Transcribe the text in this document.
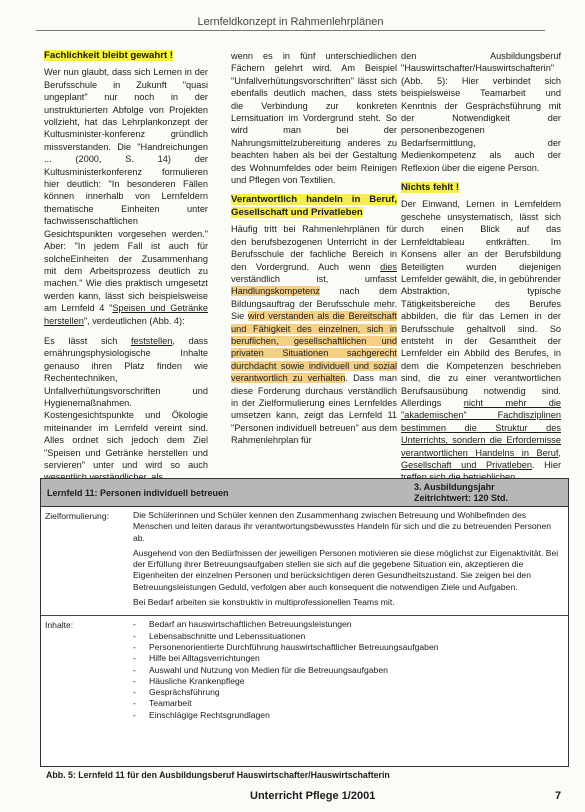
Lernfeldkonzept in Rahmenlehrplänen
Fachlichkeit bleibt gewahrt !

Wer nun glaubt, dass sich Lernen in der Berufsschule in Zukunft "quasi ungeplant" nur noch in der unstrukturierten Abfolge von Projekten vollzieht, hat das Lehrplankonzept der Kultusminister-konferenz gründlich missverstanden. Die "Handreichungen ... (2000, S. 14) der Kultusministerkonferenz formulieren hier deutlich: "In besonderen Fällen können innerhalb von Lernfeldern thematische Einheiten unter fachwissenschaftlichen Gesichtspunkten vorgesehen werden." Aber: "In jedem Fall ist auch für solcheEinheiten der Zusammenhang mit dem Arbeitsprozess deutlich zu machen." Wie dies praktisch umgesetzt werden kann, lässt sich beispielsweise am Lernfeld 4 "Speisen und Getränke herstellen", verdeutlichen (Abb. 4):

Es lässt sich feststellen, dass ernährungsphysiologische Inhalte genauso ihren Platz finden wie Rechentechniken, Unfallverhütungsvorschriften und Hygienemaßnahmen. Kostengesichtspunkte und Ökologie miteinander im Lernfeld vereint sind. Alles ordnet sich jedoch dem Ziel "Speisen und Getränke herstellen und servieren" unter und wird so auch

wenn es in fünf unterschiedlichen Fächern gelehrt wird. Am Beispiel "Unfallverhütungsvorschriften" lässt sich ebenfalls deutlich machen, dass stets die Verbindung zur konkreten Lernsituation im Vordergrund steht. So wird man bei der Nahrungsmittelzubereitung anderes zu beachten haben als bei der Gestaltung des Wohnumfeldes oder beim Reinigen und Pflegen von Textilien.

Verantwortlich handeln in Beruf, Gesellschaft und Privatleben

Häufig tritt bei Rahmenlehrplänen für den berufsbezogenen Unterricht in der Berufsschule der fachliche Bereich in den Vordergrund. Auch wenn dies verständlich ist, umfasst Handlungskompetenz nach dem Bildungsauftrag der Berufsschule mehr. Sie wird verstanden als die Bereitschaft und Fähigkeit des einzelnen, sich in beruflichen, gesellschaftlichen und privaten Situationen sachgerecht durchdacht sowie individuell und sozial verantwortlich zu verhalten. Dass man diese Forderung durchaus verständlich in der Zielformulierung eines Lernfeldes umsetzen kann, zeigt das Lernfeld 11 "Personen individuell betreuen" aus dem Rahmenlehrplan für

den Ausbildungsberuf "Hauswirtschafter/Hauswirtschafterin" (Abb. 5): Hier verbindet sich beispielsweise Teamarbeit und Kenntnis der Gesprächsführung mit der Notwendigkeit der personenbezogenen Bedarfsermittlung, der Medienkompetenz als auch der Reflexion über die eigene Person.

Nichts fehlt !

Der Einwand, Lernen in Lernfeldern geschehe unsystematisch, lässt sich durch einen Blick auf das Lernfeldtableau entkräften. Im Konsens aller an der Berufsbildung Beteiligten wurden diejenigen Lernfelder gewählt, die, in gebührender Abstraktion, typische Tätigkeitsbereiche des Berufes abbilden, die für das Lernen in der Berufsschule gehaltvoll sind. So entsteht in der Gesamtheit der Lernfelder ein Abbild des Berufes, in dem die Kompetenzen beschrieben sind, die zu einer verantwortlichen Berufsausübung notwendig sind. Allerdings nicht mehr die "akademischen" Fachdisziplinen bestimmen die Struktur des Unterrichts, sondern die Erfordernisse verantwortlichen Handelns in Beruf, Gesellschaft und Privatleben. Hier

Lernfeld 11: Personen individuell betreuen
3. Ausbildungsjahr
Zeitrichtwert: 120 Std.
Zielformulierung:	Die Schülerinnen und Schüler kennen den Zusammenhang zwischen Betreuung und Wohlbefinden des Menschen und leiten daraus ihr verantwortungsbewusstes Handeln für sich und die zu betreuenden Personen ab.

Ausgehend von den Bedürfnissen der jeweiligen Personen motivieren sie diese möglichst zur Eigenaktivität. Bei der Erfüllung ihrer Betreuungsaufgaben stellen sie sich auf die gegebene Situation ein, akzeptieren die Eigenheiten der einzelnen Personen und berücksichtigen deren Gesundheitszustand. Sie zeigen bei den Betreuungsleistungen Geduld, verfolgen aber auch konsequent die notwendigen Ziele und Aufgaben.

Bei Bedarf arbeiten sie konstruktiv in multiprofessionellen Teams mit.

Inhalte:
-	Bedarf an hauswirtschaftlichen Betreuungsleistungen
- Lebensabschnitte und Lebenssituationen
- Personenorientierte Durchführung hauswirtschaftlicher Betreuungsaufgaben
- Hilfe bei Alltagsverrichtungen
- Auswahl und Nutzung von Medien für die Betreuungsaufgaben
- Häusliche Krankenpflege
- Gesprächsführung
- Teamarbeit
- Einschlägige Rechtsgrundlagen
Abb. 5: Lernfeld 11 für den Ausbildungsberuf Hauswirtschafter/Hauswirtschafterin
Unterricht Pflege 1/2001	7
